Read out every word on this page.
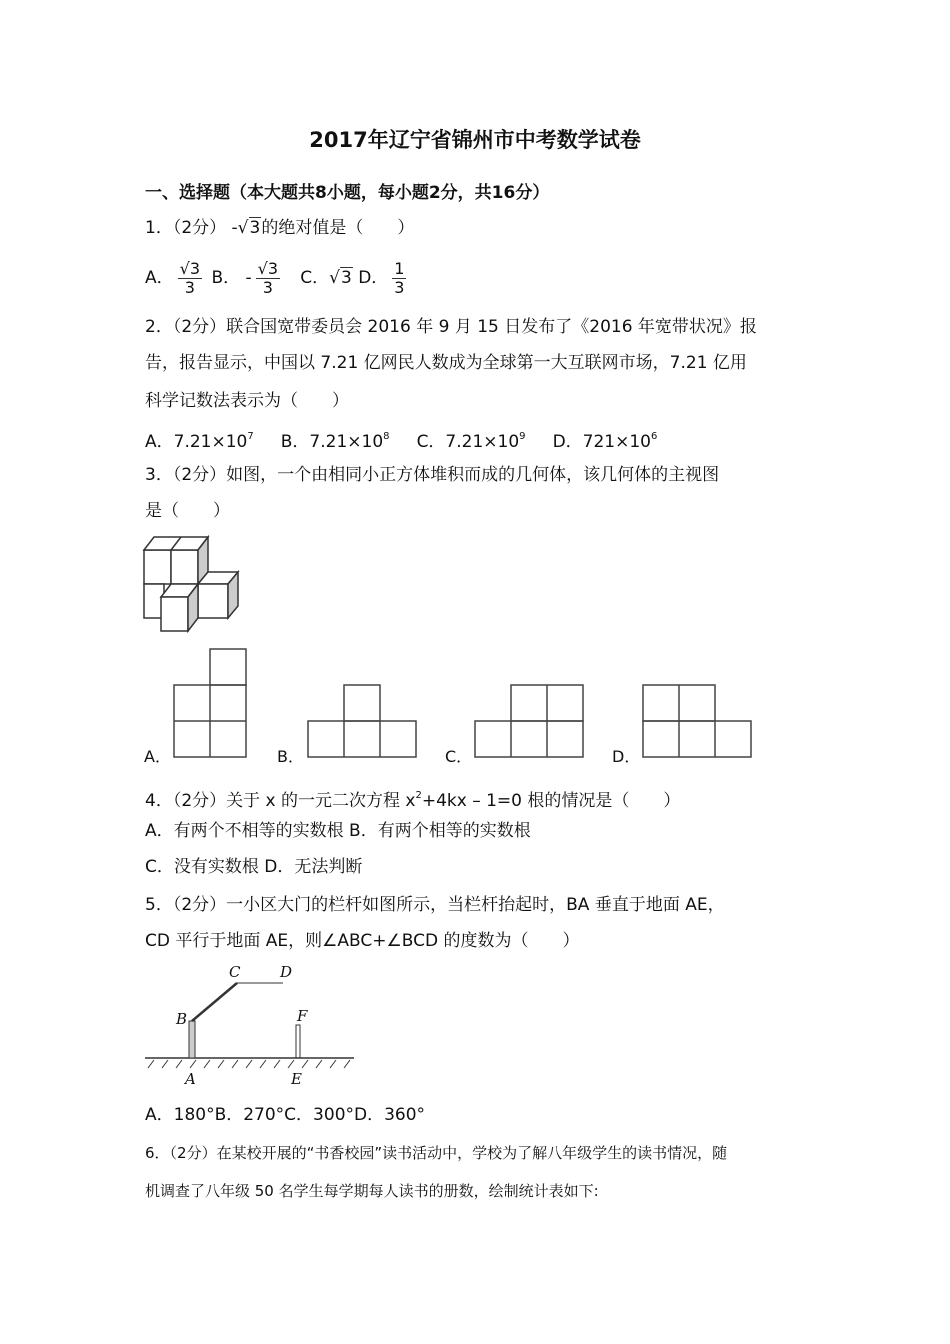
2017年辽宁省锦州市中考数学试卷
一、选择题（本大题共8小题，每小题2分，共16分）
1．（2分） -√3的绝对值是（　　）
A． $\frac{√3}{3}$ B． - $\frac{√3}{3}$ C．√3 D． $\frac{1}{3}$
2．（2分）联合国宽带委员会 2016 年 9 月 15 日发布了《2016 年宽带状况》报
告，报告显示，中国以 7.21 亿网民人数成为全球第一大互联网市场，7.21 亿用
科学记数法表示为（　　）
A．$7.21\times 10^7$ B．$7.21\times 10^8$ C．$7.21\times 10^9$ D．$721\times 10^6$
3．（2分）如图，一个由相同小正方体堆积而成的几何体，该几何体的主视图
是（　　）
A．	B．	C．	D．
4．（2分）关于 x 的一元二次方程 $x^2+4kx - 1=0$ 根的情况是（　　）
A．有两个不相等的实数根 B．有两个相等的实数根
C．没有实数根 D．无法判断
5．（2分）一小区大门的栏杆如图所示，当栏杆抬起时，BA 垂直于地面 AE，
CD 平行于地面 AE，则∠ABC+∠BCD 的度数为（　　）
A
B
C	D
E
F
A．180°B．270°C．300°D．360°
6．（2分）在某校开展的“书香校园”读书活动中，学校为了解八年级学生的读书情况，随
机调查了八年级 50 名学生每学期每人读书的册数，绘制统计表如下:
